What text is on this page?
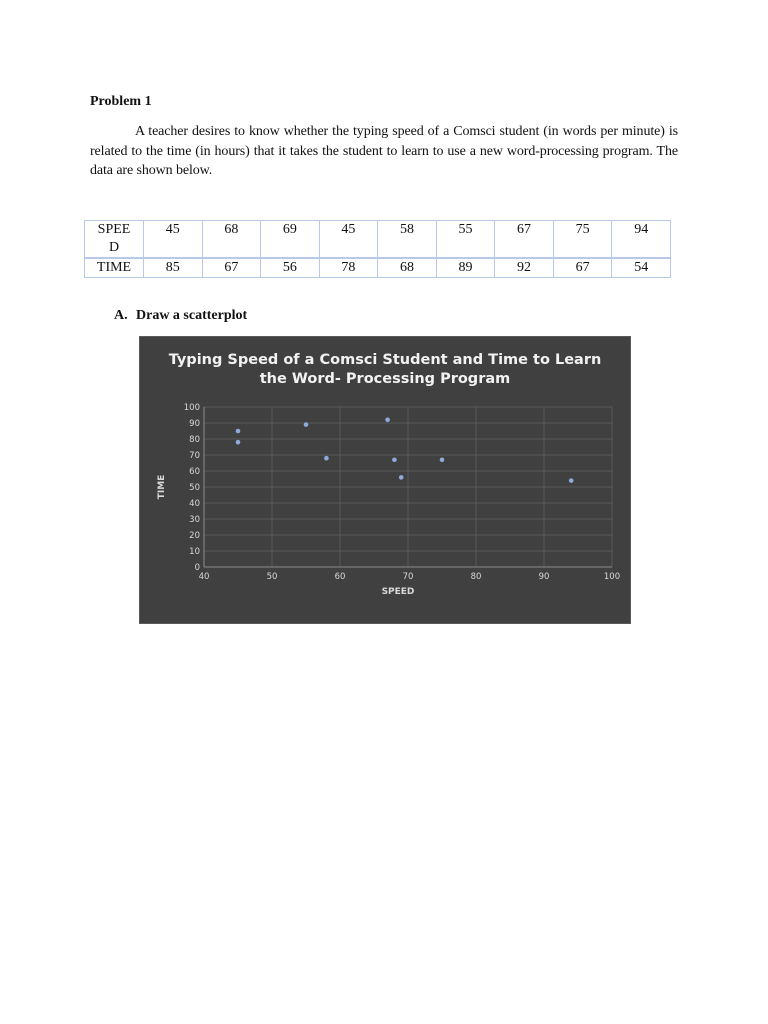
Problem 1
A teacher desires to know whether the typing speed of a Comsci student (in words per minute) is related to the time (in hours) that it takes the student to learn to use a new word-processing program. The data are shown below.
SPEE
D	45	68	69	45	58	55	67	75	94
TIME	85	67	56	78	68	89	92	67	54
A. Draw a scatterplot
Typing Speed of a Comsci Student and Time to Learn
the Word- Processing Program
0
10
20
30
40
50
60
70
80
90
100
40	50	60	70	80	90	100
SPEED
TIME
